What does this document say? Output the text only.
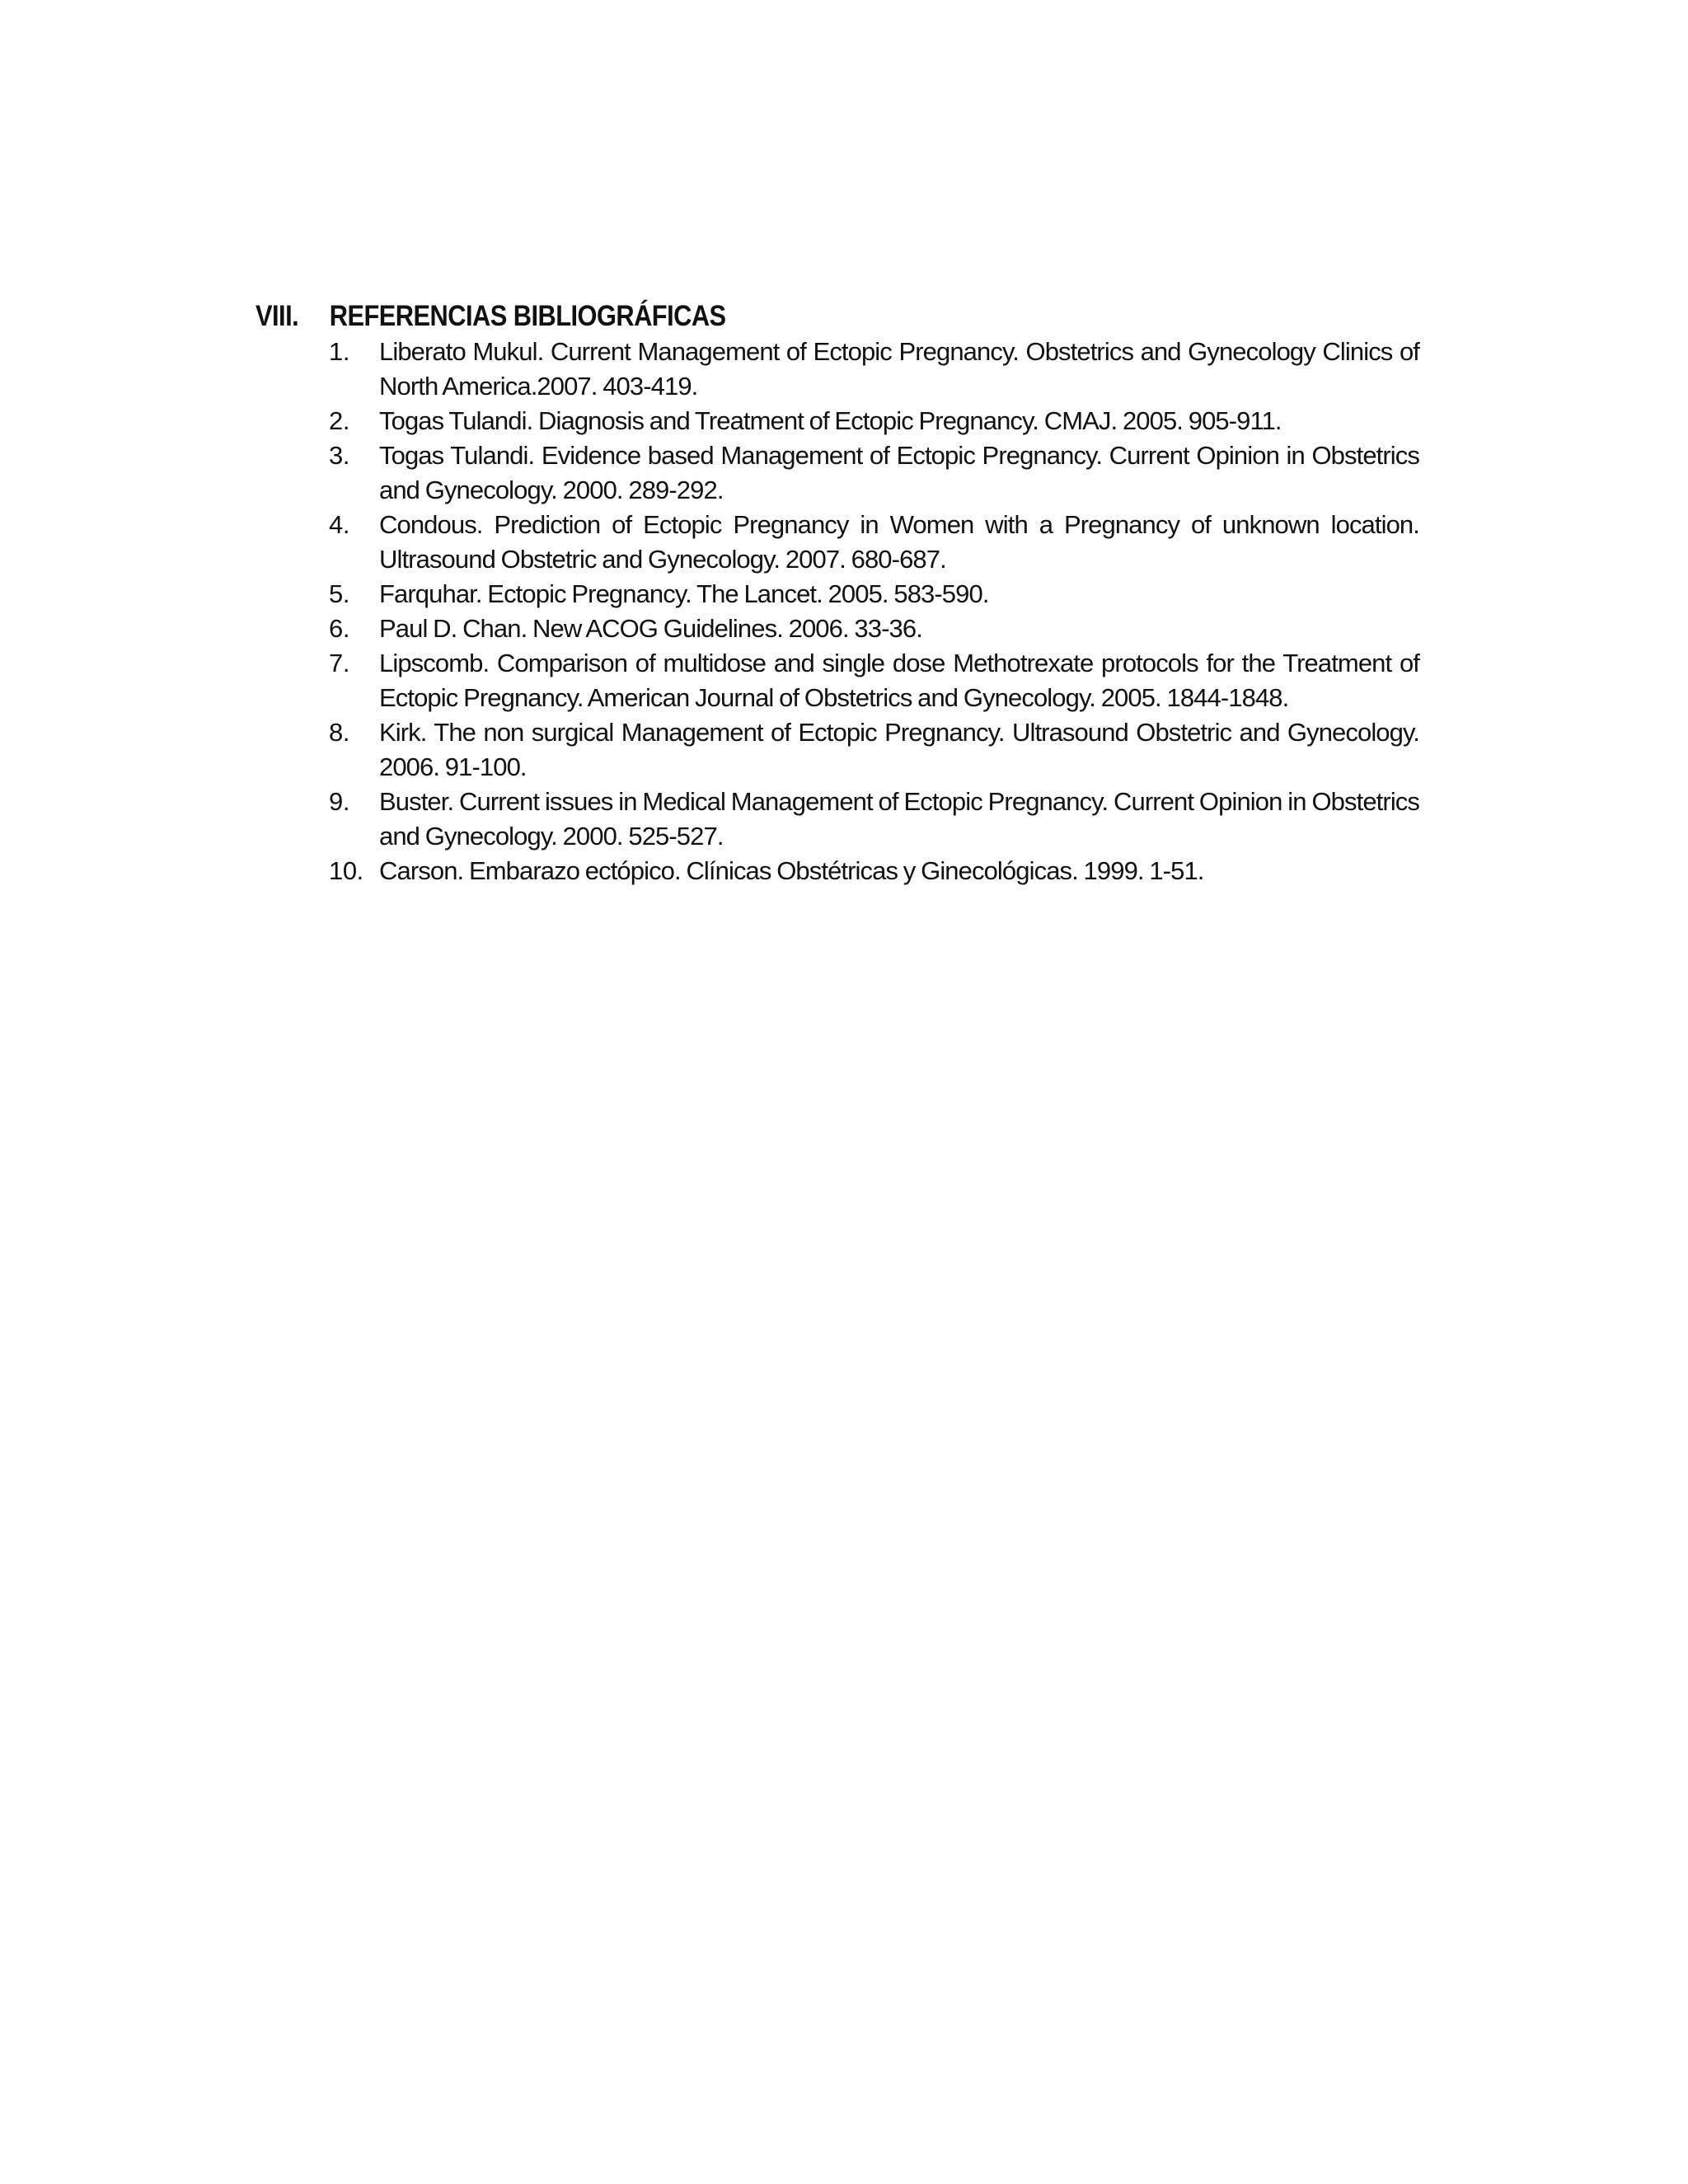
VIII.	REFERENCIAS BIBLIOGRÁFICAS
1.	Liberato Mukul. Current Management of Ectopic Pregnancy. Obstetrics and Gynecology Clinics of North America.2007. 403-419.
2.	Togas Tulandi. Diagnosis and Treatment of Ectopic Pregnancy. CMAJ. 2005. 905-911.
3.	Togas Tulandi. Evidence based Management of Ectopic Pregnancy. Current Opinion in Obstetrics and Gynecology. 2000. 289-292.
4.	Condous. Prediction of Ectopic Pregnancy in Women with a Pregnancy of unknown location. Ultrasound Obstetric and Gynecology. 2007. 680-687.
5.	Farquhar. Ectopic Pregnancy. The Lancet. 2005. 583-590.
6.	Paul D. Chan. New ACOG Guidelines. 2006. 33-36.
7.	Lipscomb. Comparison of multidose and single dose Methotrexate protocols for the Treatment of Ectopic Pregnancy. American Journal of Obstetrics and Gynecology. 2005. 1844-1848.
8.	Kirk. The non surgical Management of Ectopic Pregnancy. Ultrasound Obstetric and Gynecology. 2006. 91-100.
9.	Buster. Current issues in Medical Management of Ectopic Pregnancy. Current Opinion in Obstetrics and Gynecology. 2000. 525-527.
10. Carson. Embarazo ectópico. Clínicas Obstétricas y Ginecológicas. 1999. 1-51.
